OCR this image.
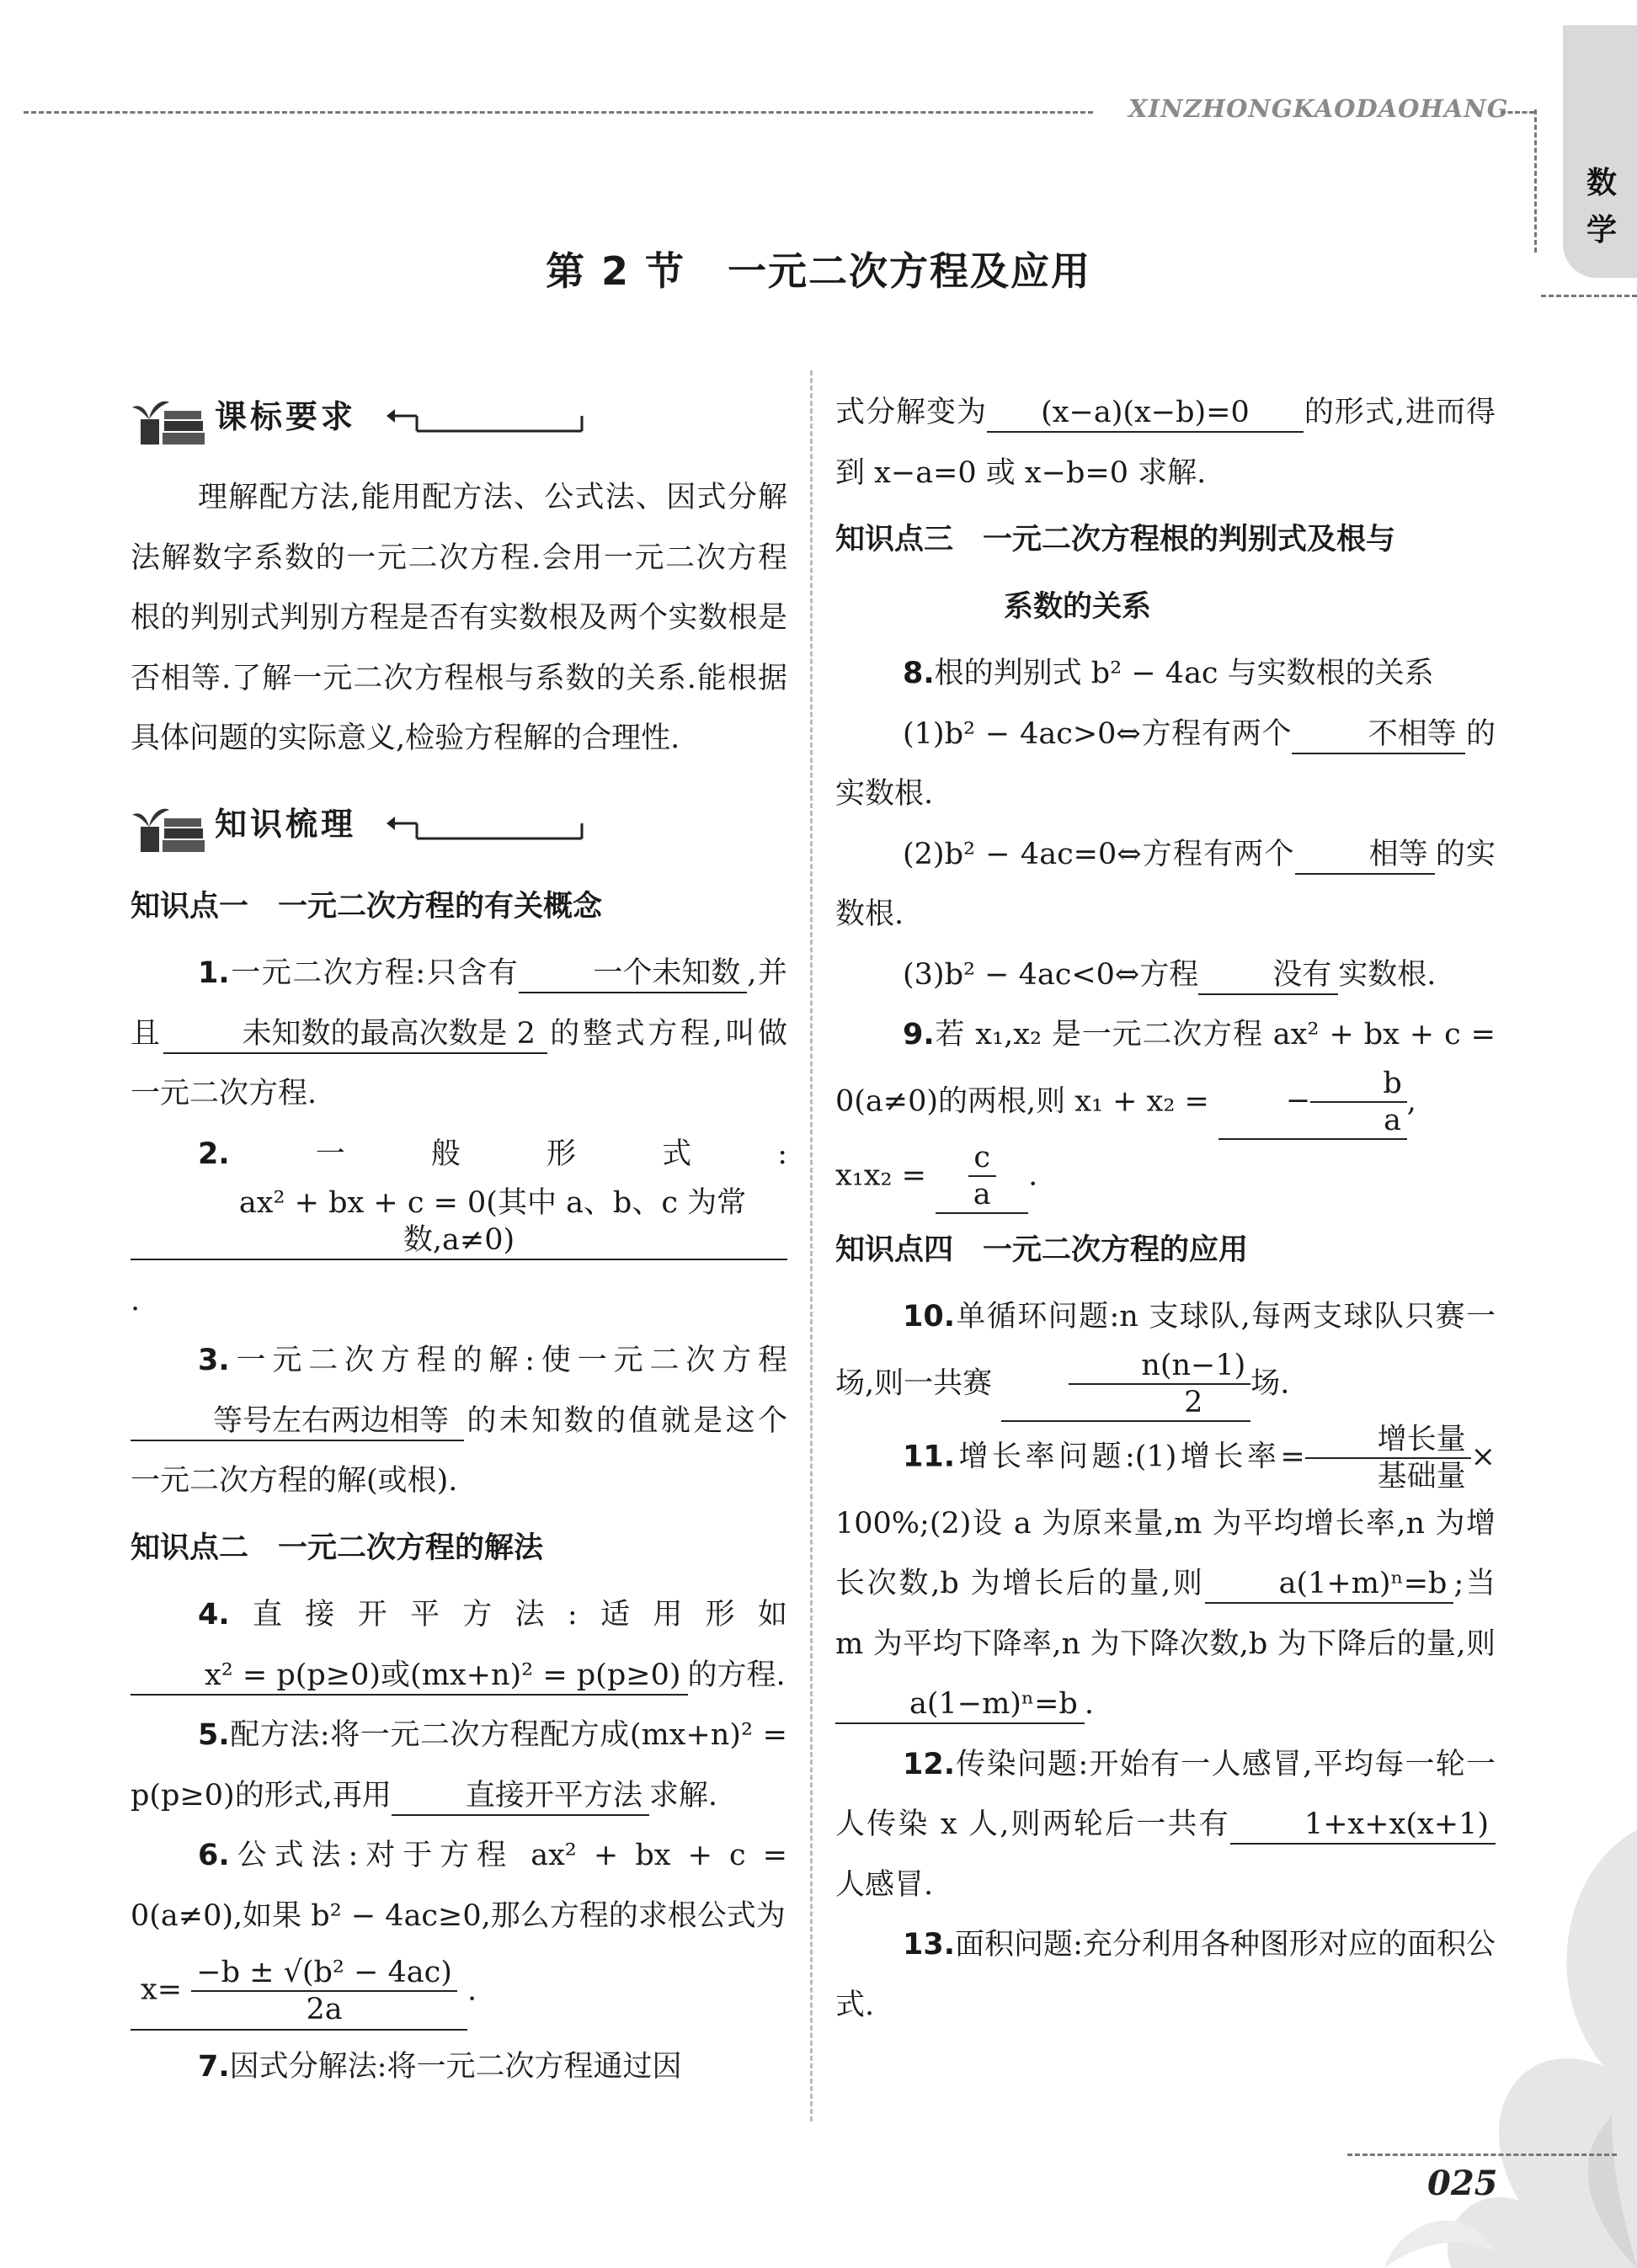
XINZHONGKAODAOHANG
数学
第 2 节 一元二次方程及应用
课标要求

理解配方法,能用配方法、公式法、因式分解法解数字系数的一元二次方程.会用一元二次方程根的判别式判别方程是否有实数根及两个实数根是否相等.了解一元二次方程根与系数的关系.能根据具体问题的实际意义,检验方程解的合理性.

知识梳理

知识点一　一元二次方程的有关概念

1.一元二次方程:只含有	一个未知数 ,并且	未知数的最高次数是 2 的整式方程,叫做一元二次方程.

2.一般形式:ax² + bx + c = 0(其中 a、b、c 为常数,a≠0).

3.一元二次方程的解:使一元二次方程等号左右两边相等 的未知数的值就是这个一元二次方程的解(或根).

知识点二　一元二次方程的解法

4.直接开平方法:适用形如x² = p(p≥0)或(mx+n)² = p(p≥0) 的方程.

5.配方法:将一元二次方程配方成(mx+n)² = p(p≥0)的形式,再用	直接开平方法 求解.

6.公式法:对于方程 ax² + bx + c = 0(a≠0),如果 b² − 4ac≥0,那么方程的求根公式为

$x= \frac{\text{−b ± √(b² − 4ac)}}{2a}$ .

7.因式分解法:将一元二次方程通过因

式分解变为 (x−a)(x−b)=0 的形式,进而得到 x−a=0 或 x−b=0 求解.

知识点三　一元二次方程根的判别式及根与

系数的关系

8.根的判别式 b² − 4ac 与实数根的关系

(1)b² − 4ac>0⇔方程有两个	不相等 的实数根.

(2)b² − 4ac=0⇔方程有两个	相等 的实数根.

(3)b² − 4ac<0⇔方程	没有 实数根.

9.若 x₁,x₂ 是一元二次方程 ax² + bx + c = 0(a≠0)的两根,则 x₁ + x₂ =	− $\frac{b}{a}$ ,

$x_1x_2 = \frac{c}{a}$ .

知识点四　一元二次方程的应用

10.单循环问题:n 支球队,每两支球队只赛一场,则一共赛	$\frac{n(n-1)}{2}$ 场.

11.增长率问题:(1)增长率= $\frac{\text{增长量}}{\text{基础量}}$ × 100%;(2)设 a 为原来量,m 为平均增长率,n 为增长次数,b 为增长后的量,则	a(1+m)ⁿ=b ;当 m 为平均下降率,n 为下降次数,b 为下降后的量,则a(1−m)ⁿ=b .

12.传染问题:开始有一人感冒,平均每一轮一人传染 x 人,则两轮后一共有	1+x+x(x+1)人感冒.

13.面积问题:充分利用各种图形对应的面积公式.

025
